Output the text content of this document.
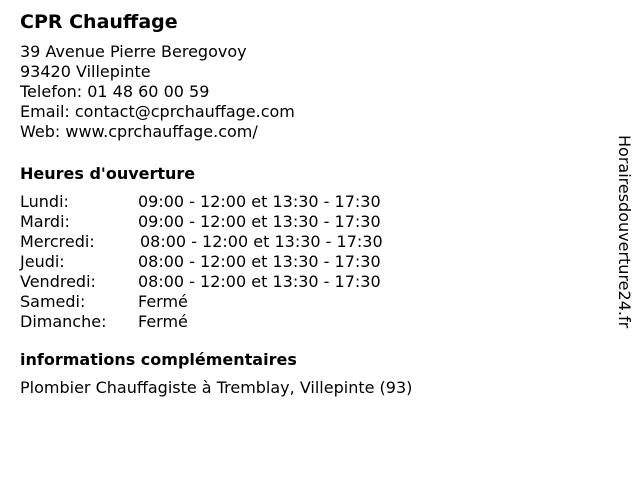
CPR Chauffage
39 Avenue Pierre Beregovoy
93420 Villepinte
Telefon: 01 48 60 00 59
Email: contact@cprchauffage.com
Web: www.cprchauffage.com/
Heures d'ouverture
Lundi:	09:00 - 12:00 et 13:30 - 17:30
Mardi:	09:00 - 12:00 et 13:30 - 17:30
Mercredi:	08:00 - 12:00 et 13:30 - 17:30
Jeudi:	08:00 - 12:00 et 13:30 - 17:30
Vendredi:	08:00 - 12:00 et 13:30 - 17:30
Samedi:	Fermé
Dimanche:	Fermé
informations complémentaires
Plombier Chauffagiste à Tremblay, Villepinte (93)
Horairesdouverture24.fr
